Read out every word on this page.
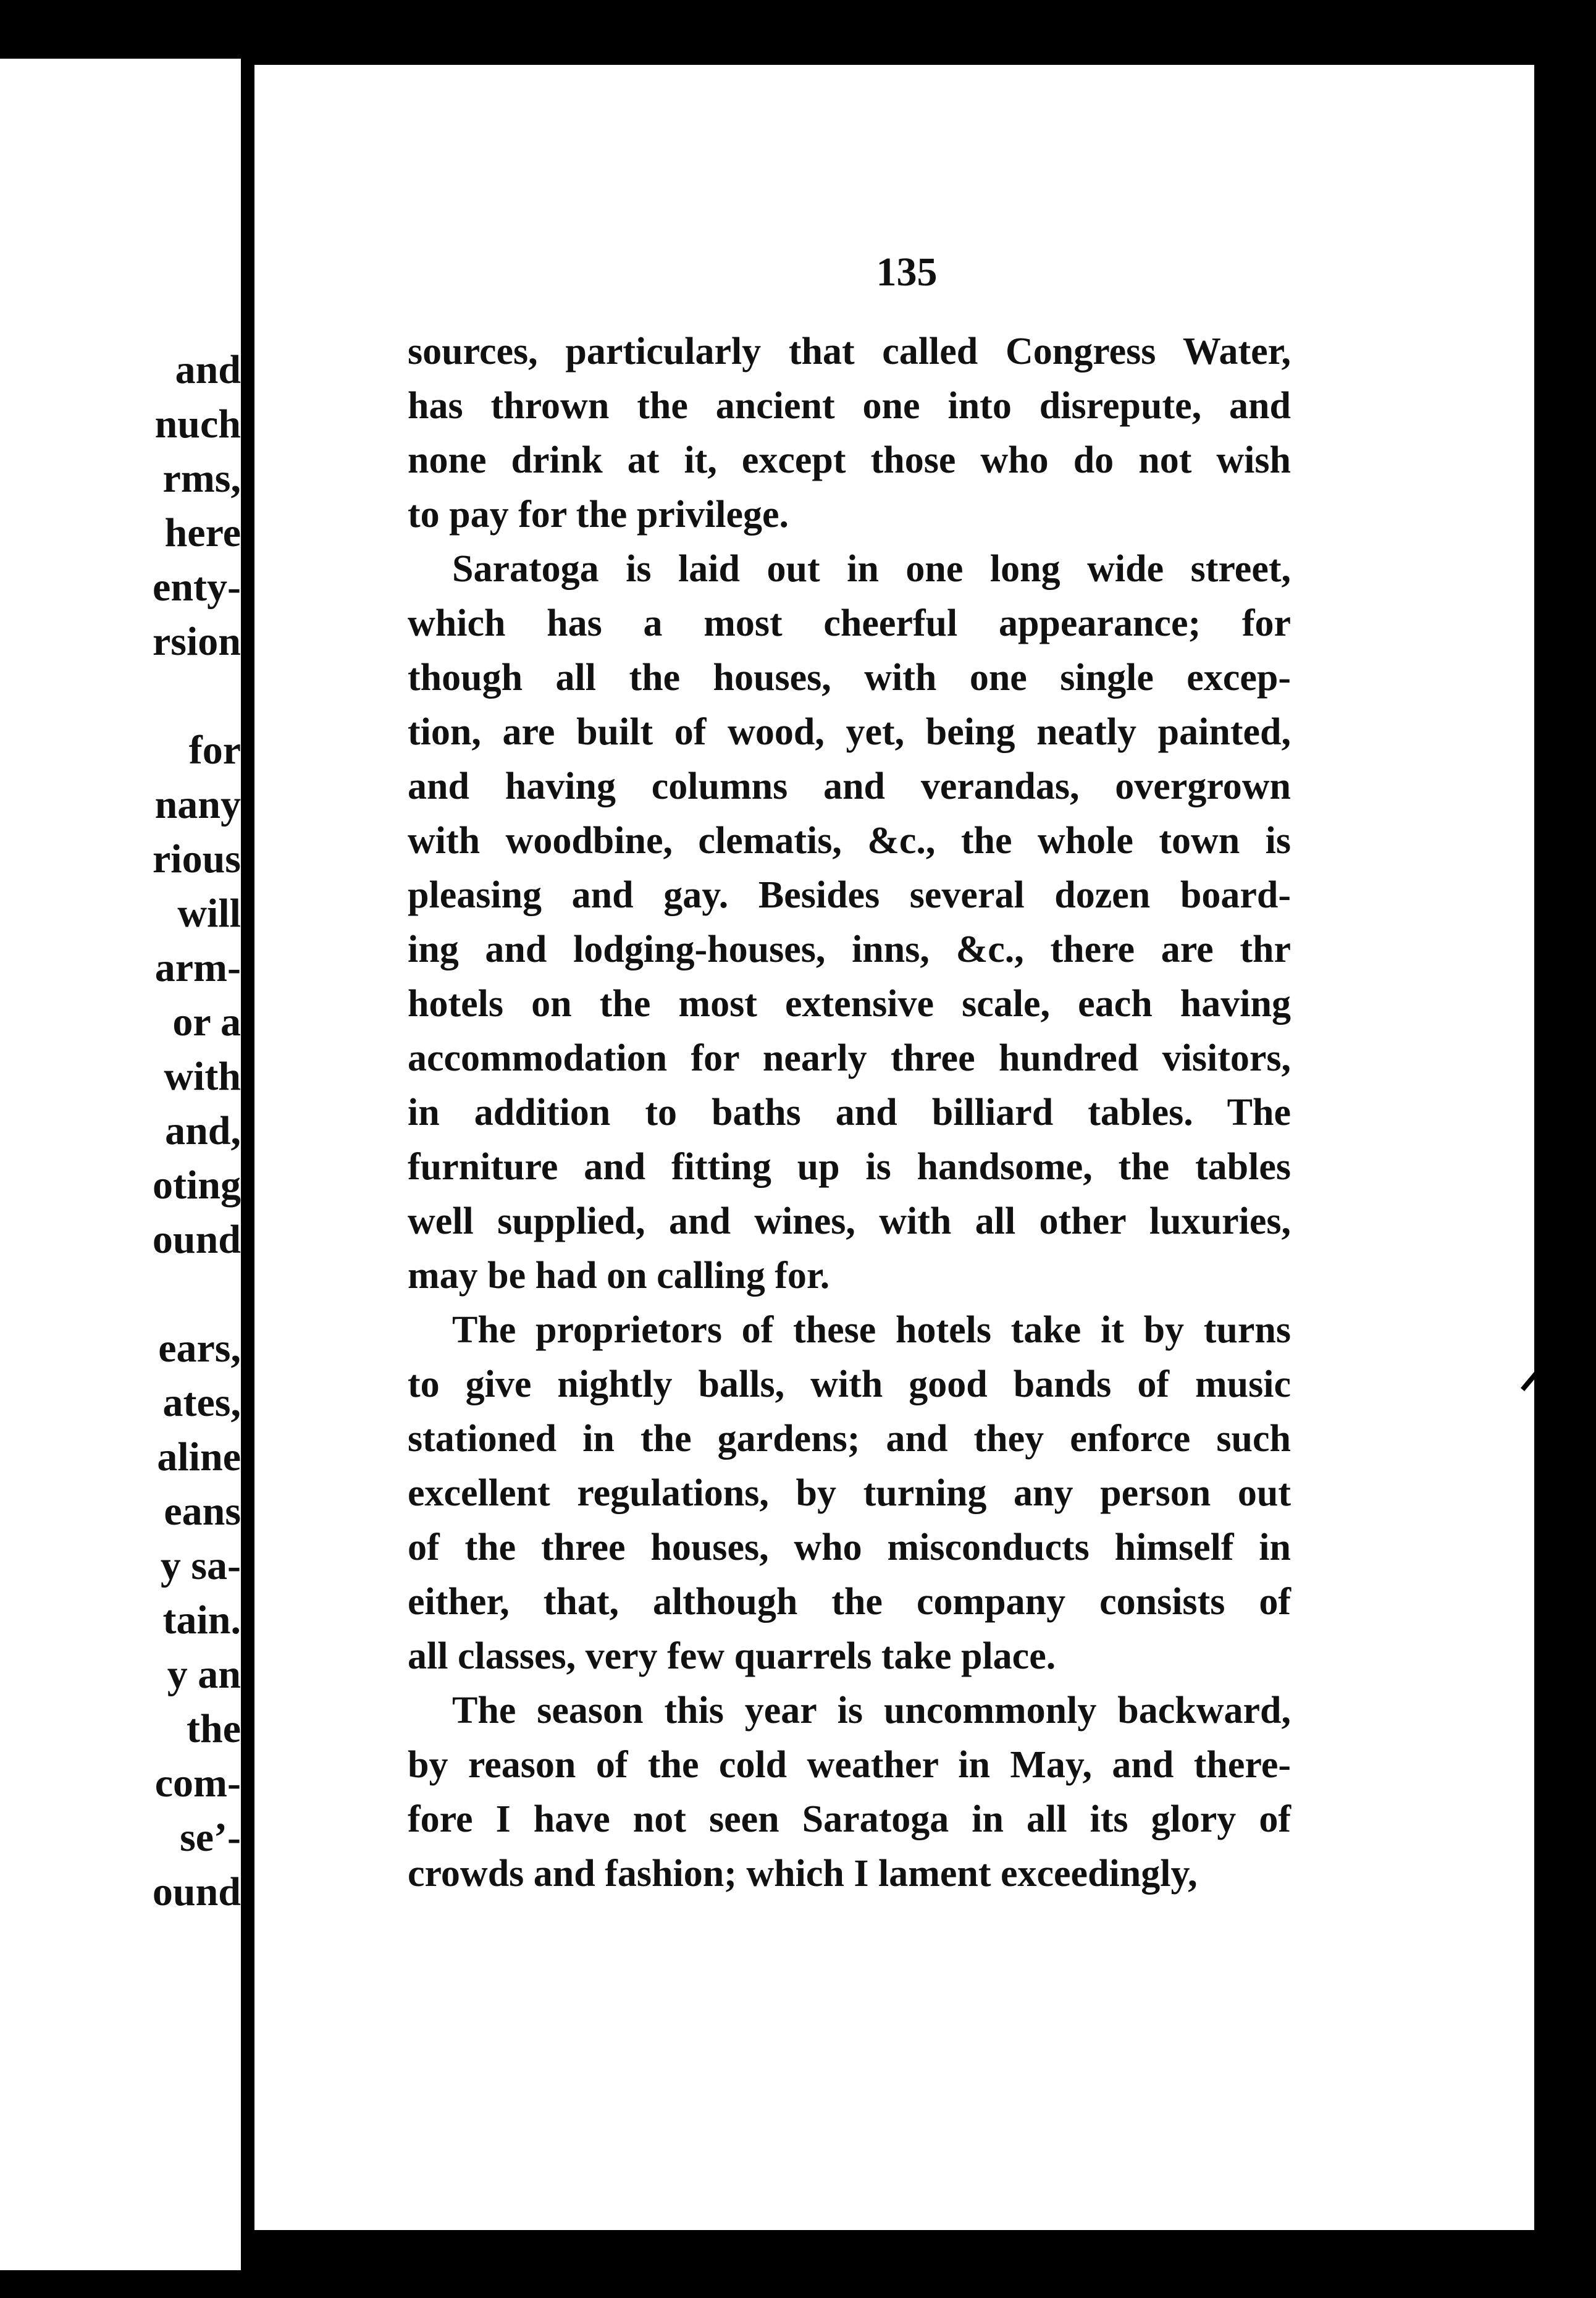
and
nuch
rms,
here
enty-
rsion
for
nany
rious
will
arm-
or a
with
and,
oting
ound
ears,
ates,
aline
eans
y sa-
tain.
y an
the
com-
se’-
ound
135
sources, particularly that called Congress Water,
has thrown the ancient one into disrepute, and
none drink at it, except those who do not wish
to pay for the privilege.
Saratoga is laid out in one long wide street,
which has a most cheerful appearance; for
though all the houses, with one single excep-
tion, are built of wood, yet, being neatly painted,
and having columns and verandas, overgrown
with woodbine, clematis, &c., the whole town is
pleasing and gay. Besides several dozen board-
ing and lodging-houses, inns, &c., there are thr
hotels on the most extensive scale, each having
accommodation for nearly three hundred visitors,
in addition to baths and billiard tables. The
furniture and fitting up is handsome, the tables
well supplied, and wines, with all other luxuries,
may be had on calling for.
The proprietors of these hotels take it by turns
to give nightly balls, with good bands of music
stationed in the gardens; and they enforce such
excellent regulations, by turning any person out
of the three houses, who misconducts himself in
either, that, although the company consists of
all classes, very few quarrels take place.
The season this year is uncommonly backward,
by reason of the cold weather in May, and there-
fore I have not seen Saratoga in all its glory of
crowds and fashion; which I lament exceedingly,
∳
